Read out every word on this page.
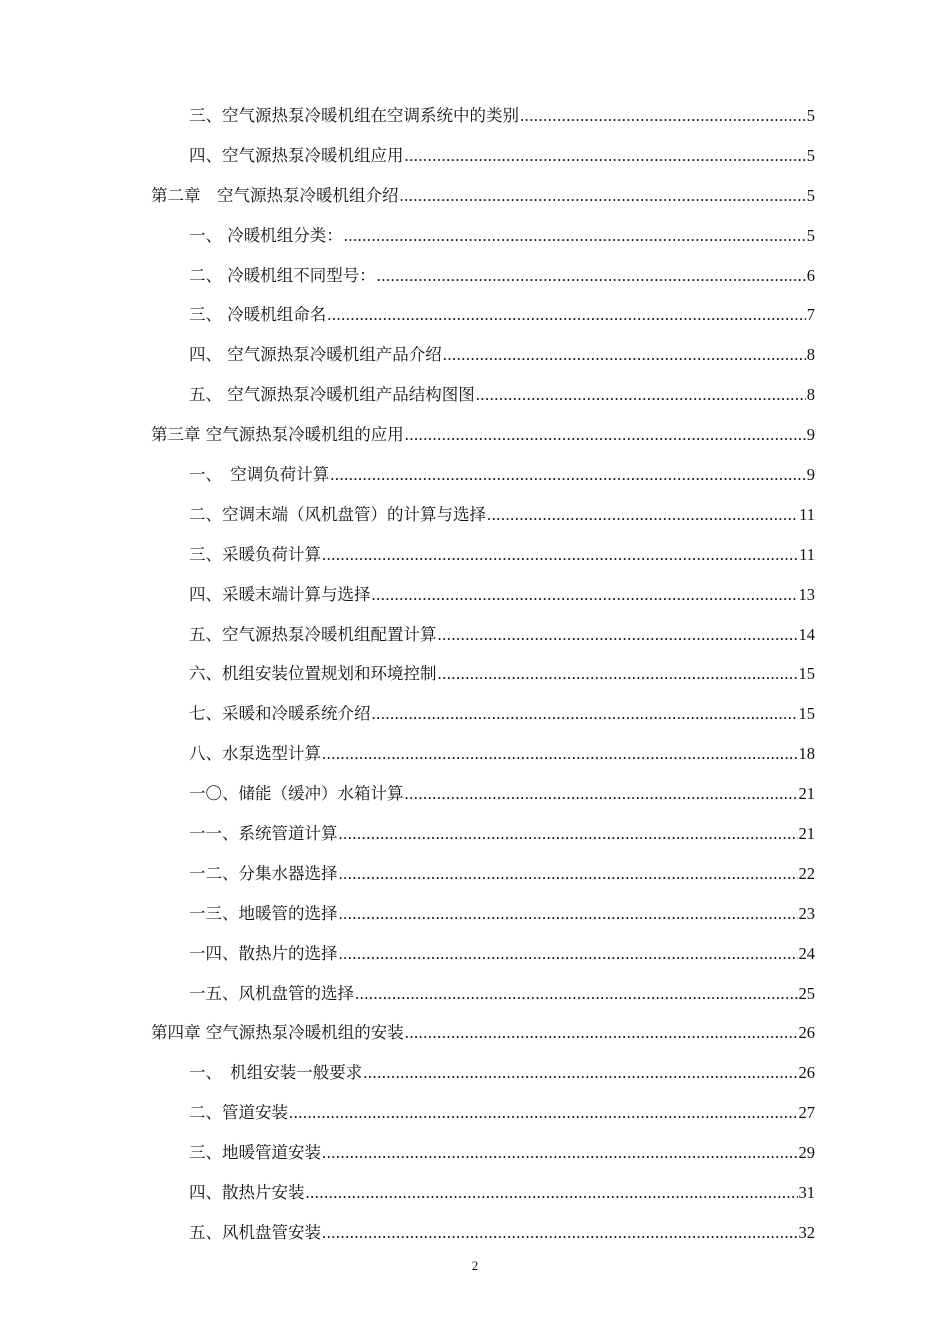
三、空气源热泵冷暖机组在空调系统中的类别 .....	5
四、空气源热泵冷暖机组应用 .....	5
第二章　空气源热泵冷暖机组介绍 .....	5
一、 冷暖机组分类： .....	5
二、 冷暖机组不同型号： .....	6
三、 冷暖机组命名 .....	7
四、 空气源热泵冷暖机组产品介绍 .....	8
五、 空气源热泵冷暖机组产品结构图图 .....	8
第三章 空气源热泵冷暖机组的应用 .....	9
一、　空调负荷计算 .....	9
二、空调末端（风机盘管）的计算与选择 .....	11
三、采暖负荷计算 .....	11
四、采暖末端计算与选择 .....	13
五、空气源热泵冷暖机组配置计算 .....	14
六、机组安装位置规划和环境控制 .....	15
七、采暖和冷暖系统介绍 .....	15
八、水泵选型计算 .....	18
一〇、储能（缓冲）水箱计算 .....	21
一一、系统管道计算 .....	21
一二、分集水器选择 .....	22
一三、地暖管的选择 .....	23
一四、散热片的选择 .....	24
一五、风机盘管的选择 .....	25
第四章 空气源热泵冷暖机组的安装 .....	26
一、　机组安装一般要求 .....	26
二、管道安装 .....	27
三、地暖管道安装 .....	29
四、散热片安装 .....	31
五、风机盘管安装 .....	32
2
